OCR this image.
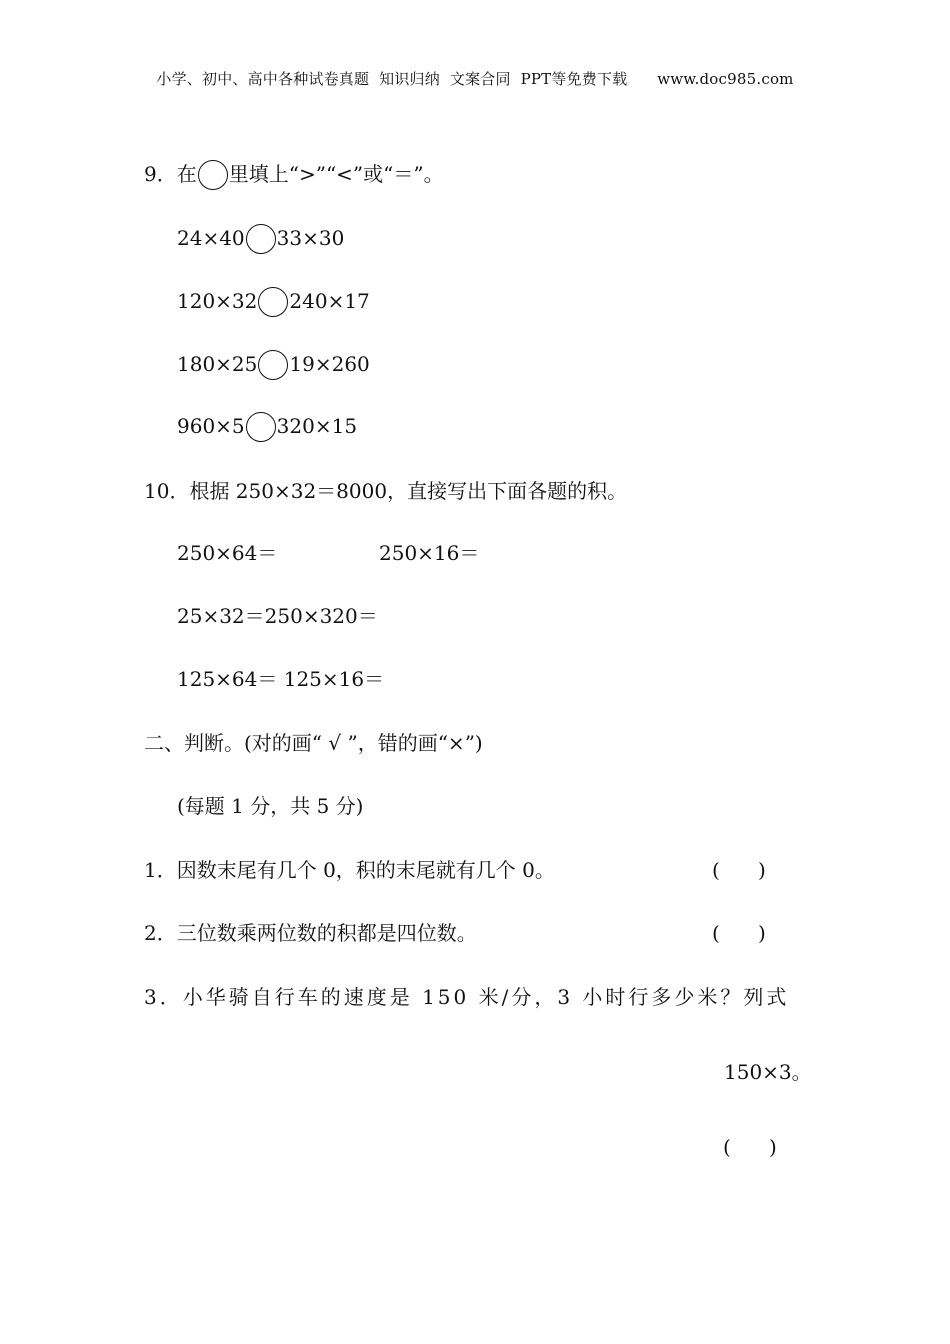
小学、初中、高中各种试卷真题  知识归纳  文案合同  PPT等免费下载      www.doc985.com
9．在 里填上“>”“<”或“＝”。
24×40 33×30
120×32 240×17
180×25 19×260
960×5 320×15
10．根据 250×32＝8000，直接写出下面各题的积。
250×64＝	250×16＝
25×32＝250×320＝
125×64＝ 125×16＝
二、判断。(对的画“ √ ”，错的画“×”)
(每题 1 分，共 5 分)
1．因数末尾有几个 0，积的末尾就有几个 0。	(      )
2．三位数乘两位数的积都是四位数。	(      )
3．小华骑自行车的速度是 150 米/分，3 小时行多少米？列式
150×3。
(      )
